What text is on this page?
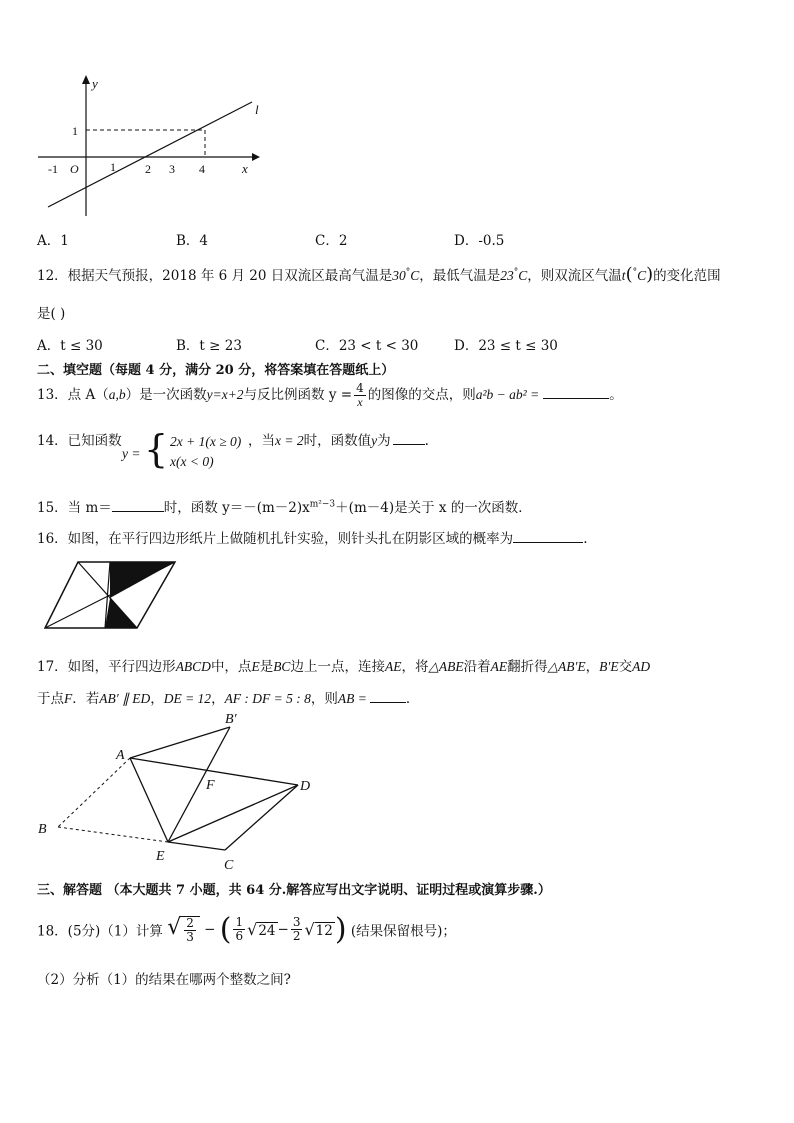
y
x
l
1
-1 O	1 2 3 4
A．1	B．4	C．2	D．-0.5
12．根据天气预报，2018 年 6 月 20 日双流区最高气温是30°C，最低气温是23°C，则双流区气温t(°C)的变化范围
是( )
A．t ≤ 30	B．t ≥ 23	C．23 < t < 30	D．23 ≤ t ≤ 30
二、填空题（每题 4 分，满分 20 分，将答案填在答题纸上）
13．点 A（a,b）是一次函数y=x+2与反比例函数 $y = \frac{4}{x}$ 的图像的交点，则a²b − ab² =	。
14．已知函数
y = { 2x + 1(x ≥ 0)
x(x < 0)
，当x = 2时，函数值y为	.
15．当 m＝	时，函数 $y=-(m-2)x^{m^2-3}+(m-4)$是关于 x 的一次函数．
16．如图，在平行四边形纸片上做随机扎针实验，则针头扎在阴影区域的概率为	.
17．如图，平行四边形ABCD中，点E是BC边上一点，连接AE，将△ABE沿着AE翻折得△AB′E，B′E交AD
于点F．若AB′ ∥ ED，DE = 12，AF : DF = 5 : 8，则AB =	．
A
B′
B
F	D
E
C
三、解答题 （本大题共 7 小题，共 64 分.解答应写出文字说明、证明过程或演算步骤.）
18．(5分)（1）计算 √ $\frac{2}{3}$ − ( $\frac{1}{6} √24 - \frac{3}{2} √12$) (结果保留根号)；
（2）分析（1）的结果在哪两个整数之间?
